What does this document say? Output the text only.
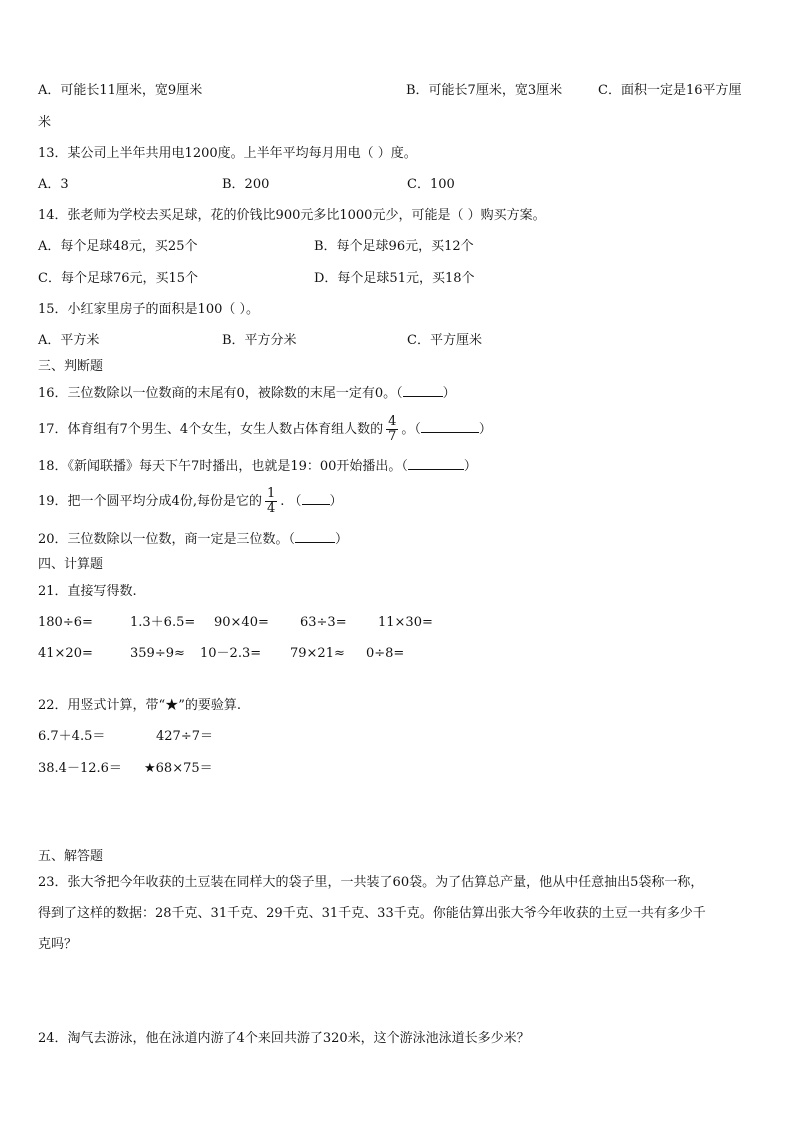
A．可能长11厘米，宽9厘米	B．可能长7厘米，宽3厘米	C．面积一定是16平方厘
米
13．某公司上半年共用电1200度。上半年平均每月用电（ ）度。
A．3	B．200	C．100
14．张老师为学校去买足球，花的价钱比900元多比1000元少，可能是（ ）购买方案。
A．每个足球48元，买25个	B．每个足球96元，买12个
C．每个足球76元，买15个	D．每个足球51元，买18个
15．小红家里房子的面积是100（ ）。
A．平方米	B．平方分米	C．平方厘米
三、判断题
16．三位数除以一位数商的末尾有0，被除数的末尾一定有0。（	）
17．体育组有7个男生、4个女生，女生人数占体育组人数的 $\frac{4}{7}$ 。（	）
18．《新闻联播》每天下午7时播出，也就是19：00开始播出。（	）
19．把一个圆平均分成4份,每份是它的 $\frac{1}{4}$ . （ ）
20．三位数除以一位数，商一定是三位数。（	）
四、计算题
21．直接写得数.
180÷6=	1.3＋6.5= 90×40= 63÷3= 11×30=
41×20=	359÷9≈ 10－2.3= 79×21≈ 0÷8=
22．用竖式计算，带“★”的要验算.
6.7＋4.5＝	427÷7＝
38.4－12.6＝ ★68×75＝
五、解答题
23．张大爷把今年收获的土豆装在同样大的袋子里，一共装了60袋。为了估算总产量，他从中任意抽出5袋称一称，
得到了这样的数据：28千克、31千克、29千克、31千克、33千克。你能估算出张大爷今年收获的土豆一共有多少千
克吗？
24．淘气去游泳，他在泳道内游了4个来回共游了320米，这个游泳池泳道长多少米？
